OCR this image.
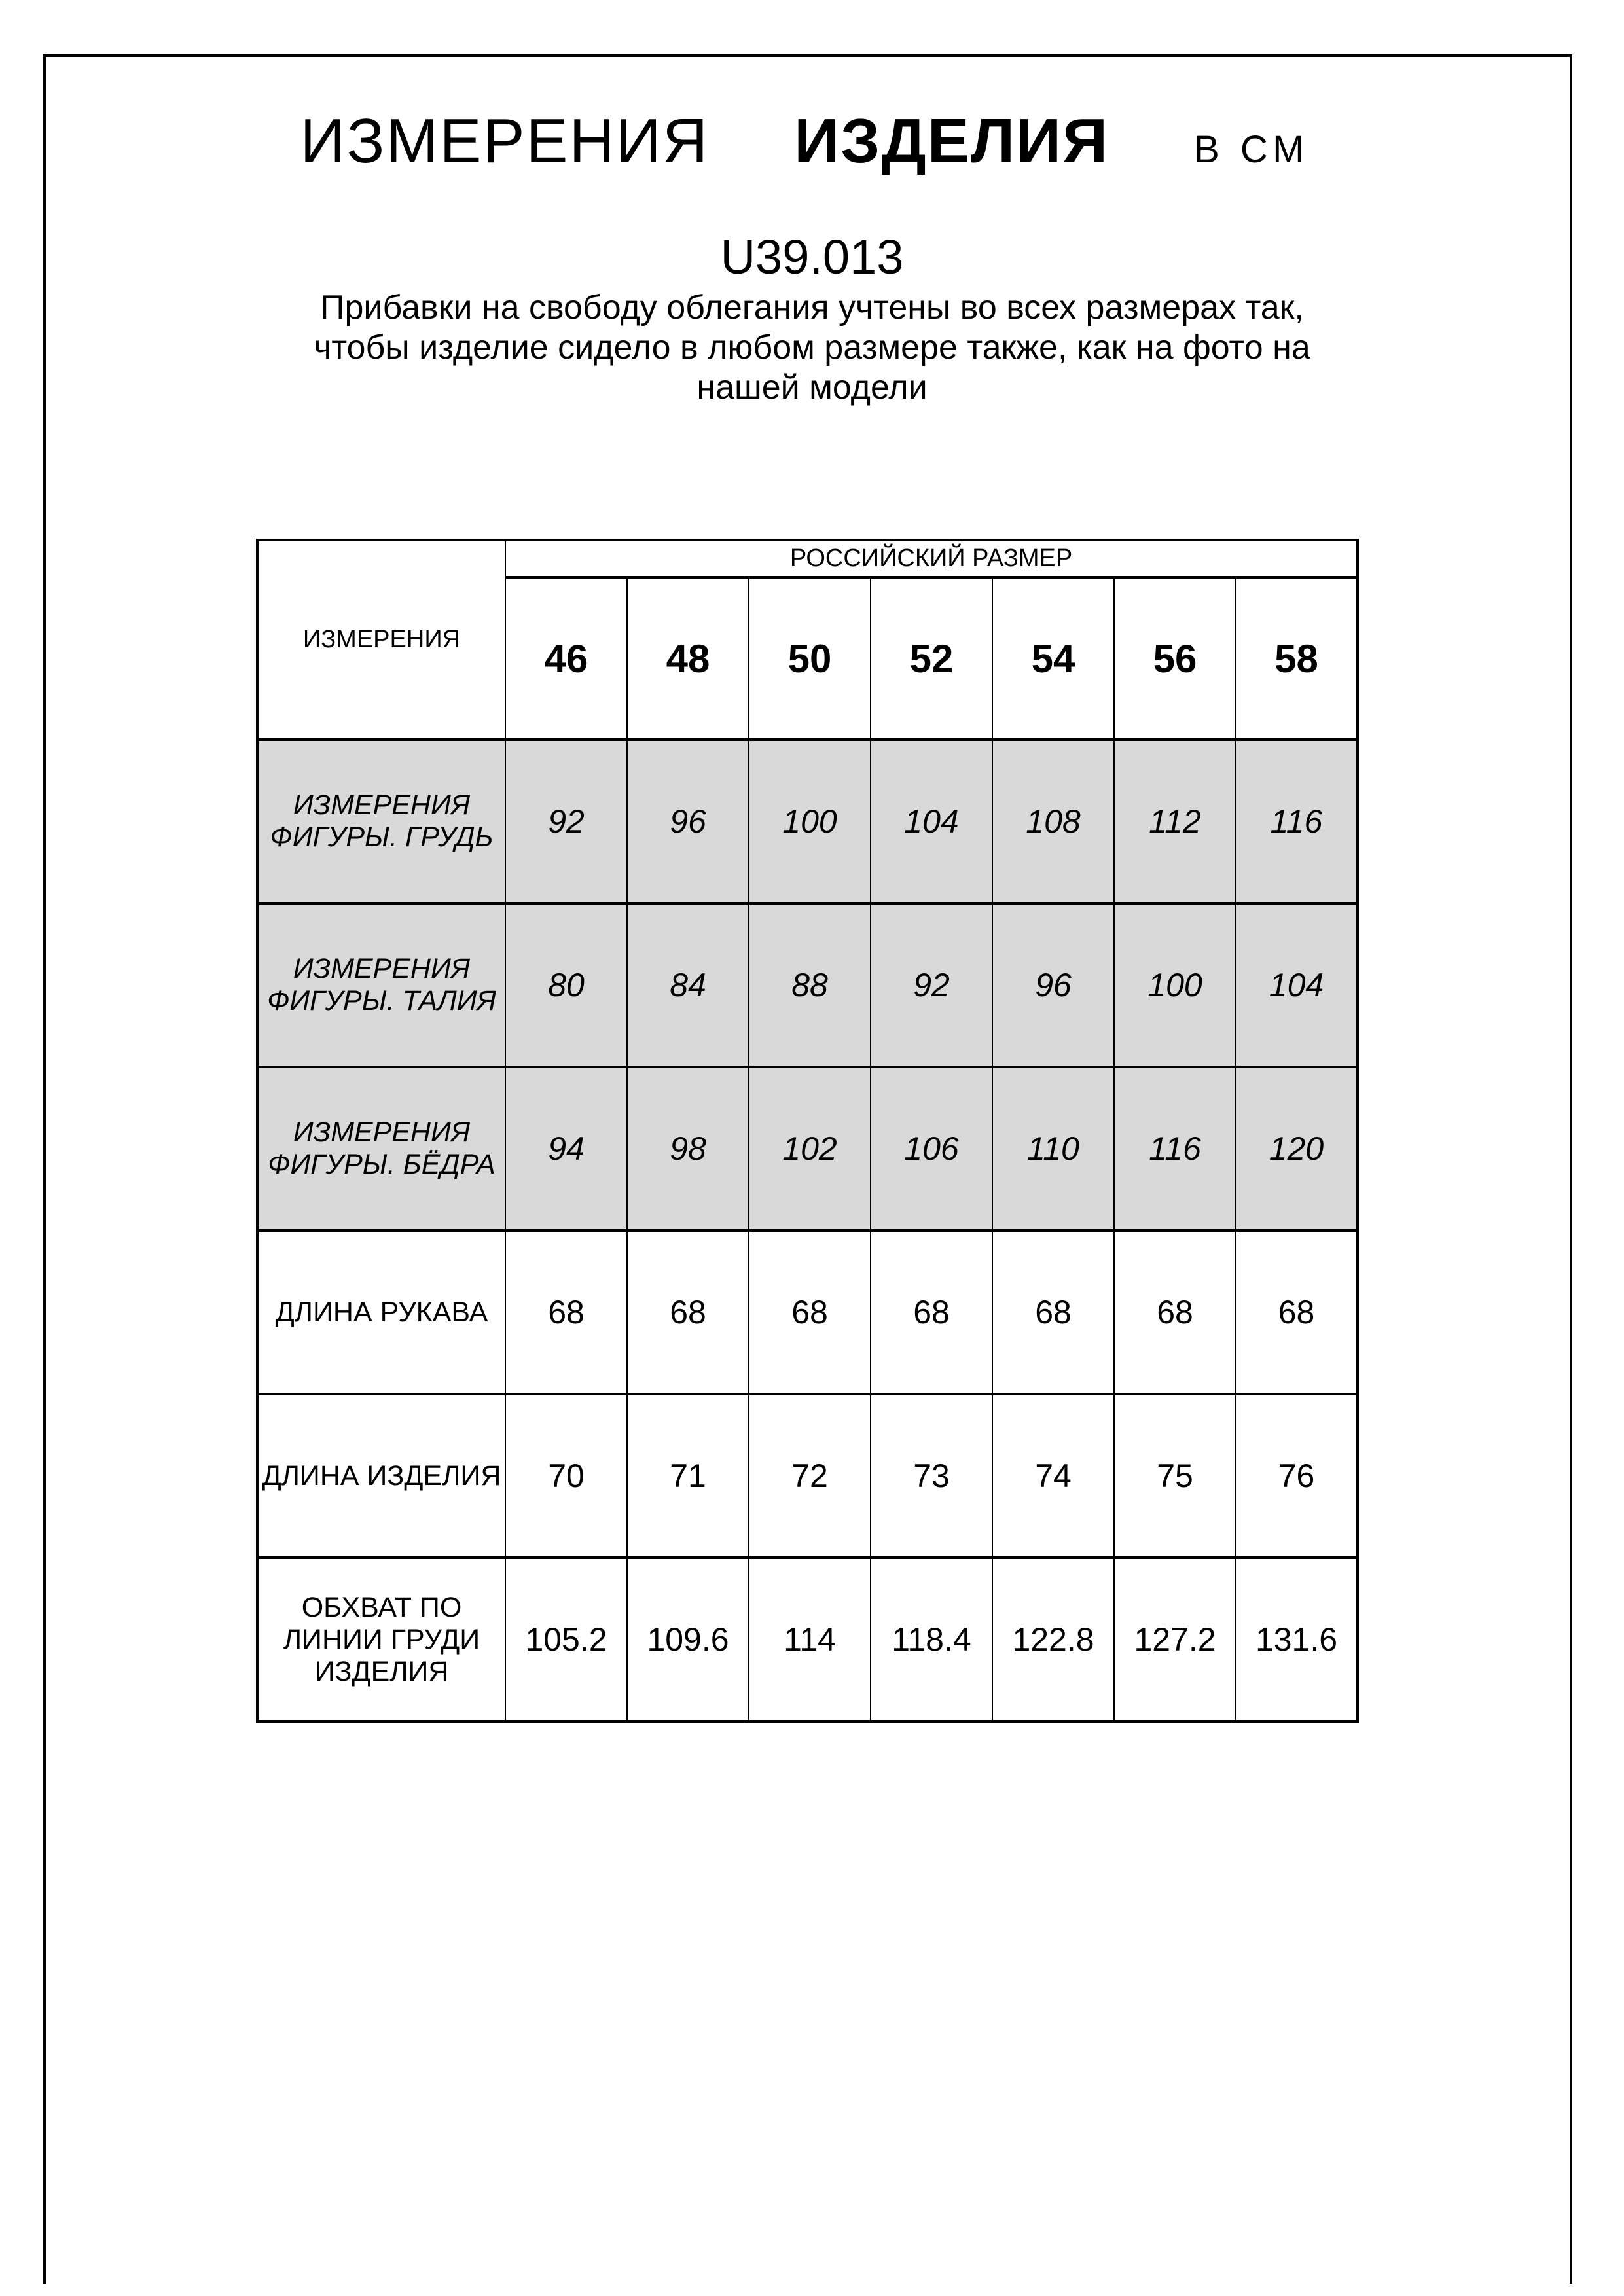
ИЗМЕРЕНИЯ ИЗДЕЛИЯ В СМ
U39.013
Прибавки на свободу облегания учтены во всех размерах так,
чтобы изделие сидело в любом размере также, как на фото на
нашей модели
ИЗМЕРЕНИЯ	РОССИЙСКИЙ РАЗМЕР						
	46	48	50	52	54	56	58

ИЗМЕРЕНИЯ
ФИГУРЫ. ГРУДЬ	92	96	100	104	108	112	116

ИЗМЕРЕНИЯ
ФИГУРЫ. ТАЛИЯ	80	84	88	92	96	100	104

ИЗМЕРЕНИЯ
ФИГУРЫ. БЁДРА	94	98	102	106	110	116	120

ДЛИНА РУКАВА	68	68	68	68	68	68	68

ДЛИНА ИЗДЕЛИЯ	70	71	72	73	74	75	76

ОБХВАТ ПО
ЛИНИИ ГРУДИ
ИЗДЕЛИЯ	105.2	109.6	114	118.4	122.8	127.2	131.6
